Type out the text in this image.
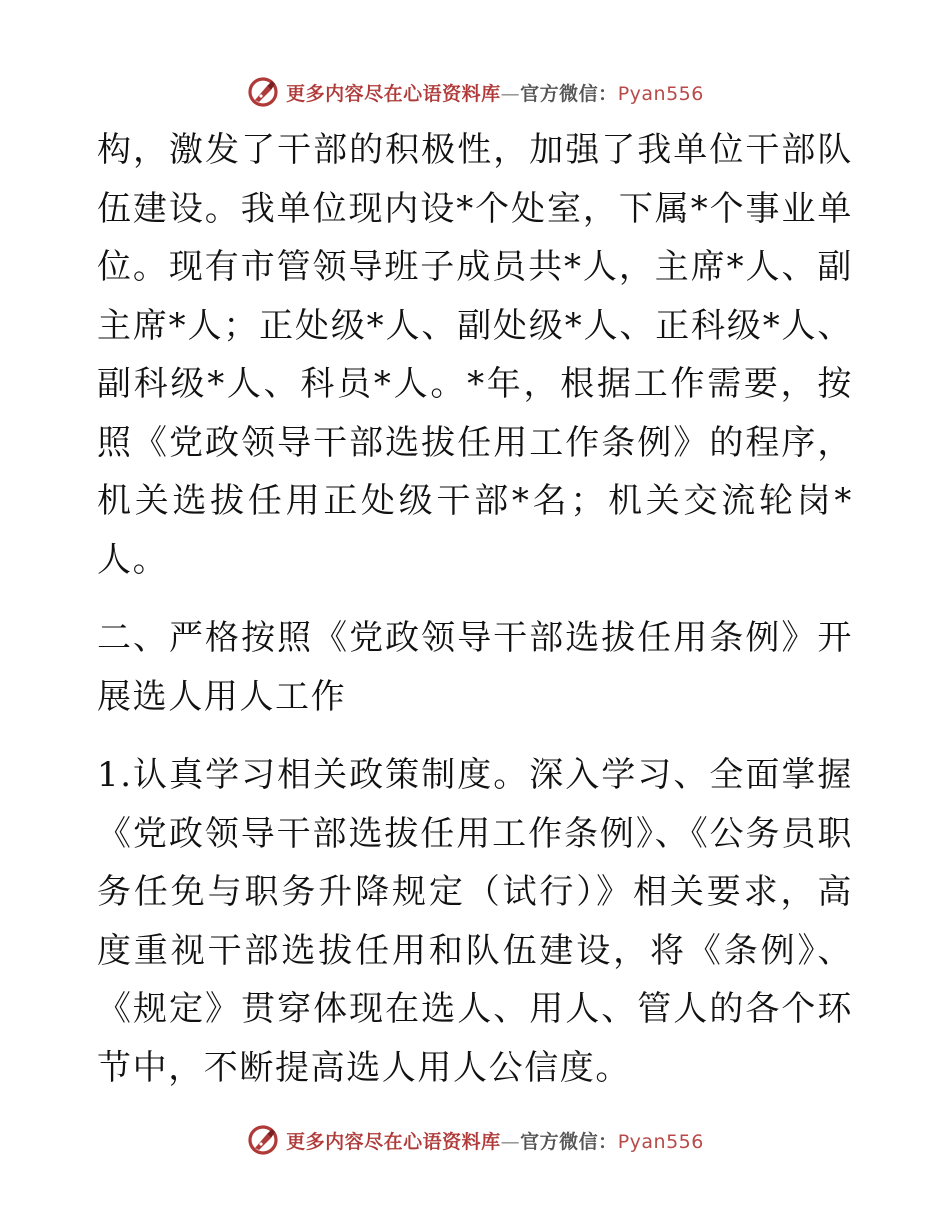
更多内容尽在心语资料库—官方微信：Pyan556

构，激发了干部的积极性，加强了我单位干部队伍建设。我单位现内设*个处室，下属*个事业单位。现有市管领导班子成员共*人，主席*人、副主席*人；正处级*人、副处级*人、正科级*人、副科级*人、科员*人。*年，根据工作需要，按照《党政领导干部选拔任用工作条例》的程序，机关选拔任用正处级干部*名；机关交流轮岗*人。

二、严格按照《党政领导干部选拔任用条例》开展选人用人工作

1.认真学习相关政策制度。深入学习、全面掌握《党政领导干部选拔任用工作条例》、《公务员职务任免与职务升降规定（试行）》相关要求，高度重视干部选拔任用和队伍建设，将《条例》、《规定》贯穿体现在选人、用人、管人的各个环节中，不断提高选人用人公信度。

更多内容尽在心语资料库—官方微信：Pyan556
